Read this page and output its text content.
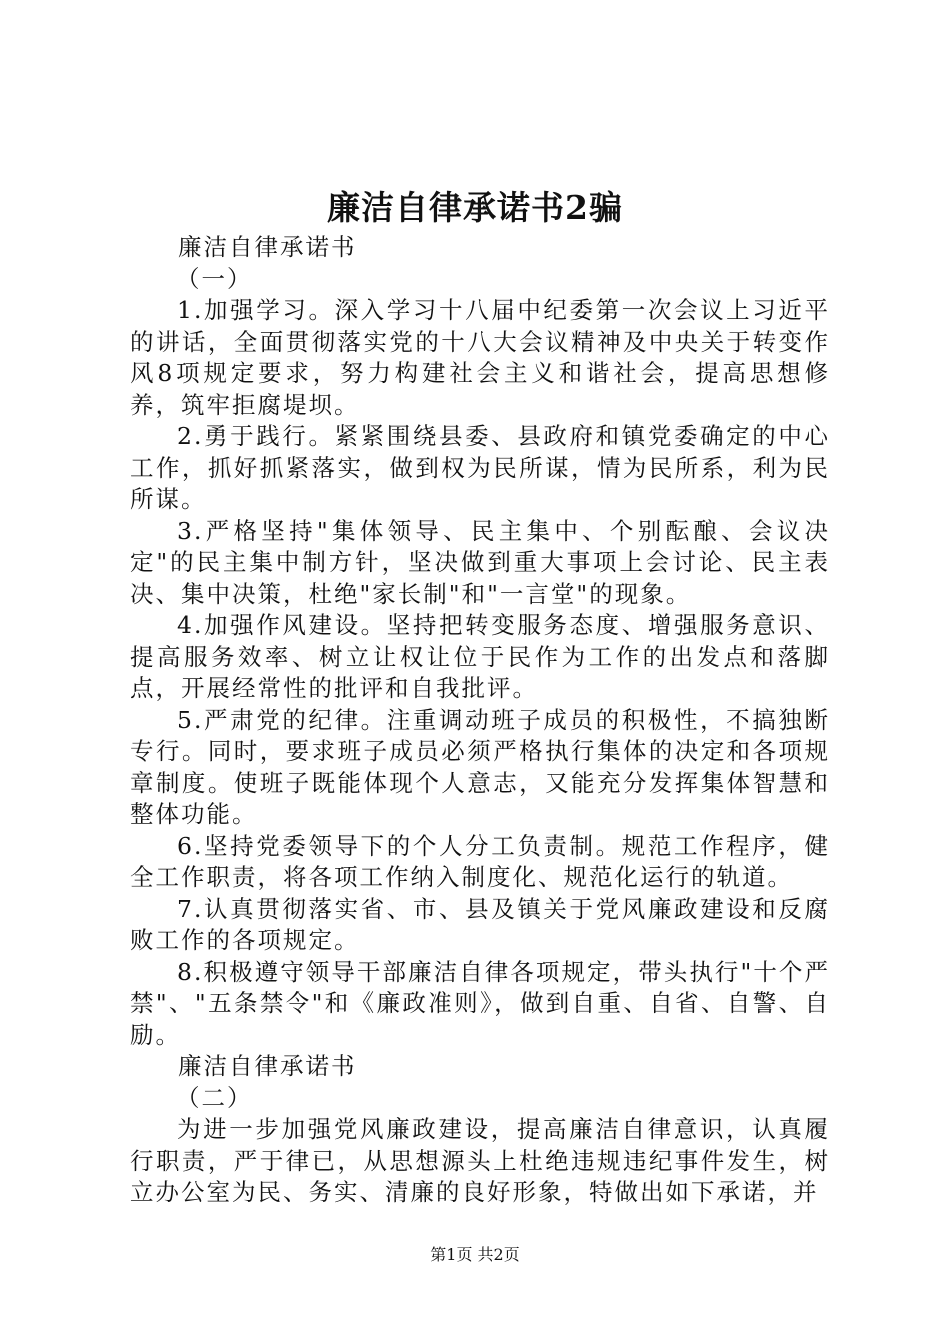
廉洁自律承诺书2骗

廉洁自律承诺书

（一）

1.加强学习。深入学习十八届中纪委第一次会议上习近平的讲话，全面贯彻落实党的十八大会议精神及中央关于转变作风8项规定要求，努力构建社会主义和谐社会，提高思想修养，筑牢拒腐堤坝。

2.勇于践行。紧紧围绕县委、县政府和镇党委确定的中心工作，抓好抓紧落实，做到权为民所谋，情为民所系，利为民所谋。

3.严格坚持"集体领导、民主集中、个别酝酿、会议决定"的民主集中制方针，坚决做到重大事项上会讨论、民主表决、集中决策，杜绝"家长制"和"一言堂"的现象。

4.加强作风建设。坚持把转变服务态度、增强服务意识、提高服务效率、树立让权让位于民作为工作的出发点和落脚点，开展经常性的批评和自我批评。

5.严肃党的纪律。注重调动班子成员的积极性，不搞独断专行。同时，要求班子成员必须严格执行集体的决定和各项规章制度。使班子既能体现个人意志，又能充分发挥集体智慧和整体功能。

6.坚持党委领导下的个人分工负责制。规范工作程序，健全工作职责，将各项工作纳入制度化、规范化运行的轨道。

7.认真贯彻落实省、市、县及镇关于党风廉政建设和反腐败工作的各项规定。

8.积极遵守领导干部廉洁自律各项规定，带头执行"十个严禁"、"五条禁令"和《廉政准则》，做到自重、自省、自警、自励。

廉洁自律承诺书

（二）

为进一步加强党风廉政建设，提高廉洁自律意识，认真履行职责，严于律已，从思想源头上杜绝违规违纪事件发生，树立办公室为民、务实、清廉的良好形象，特做出如下承诺，并

第1页 共2页
